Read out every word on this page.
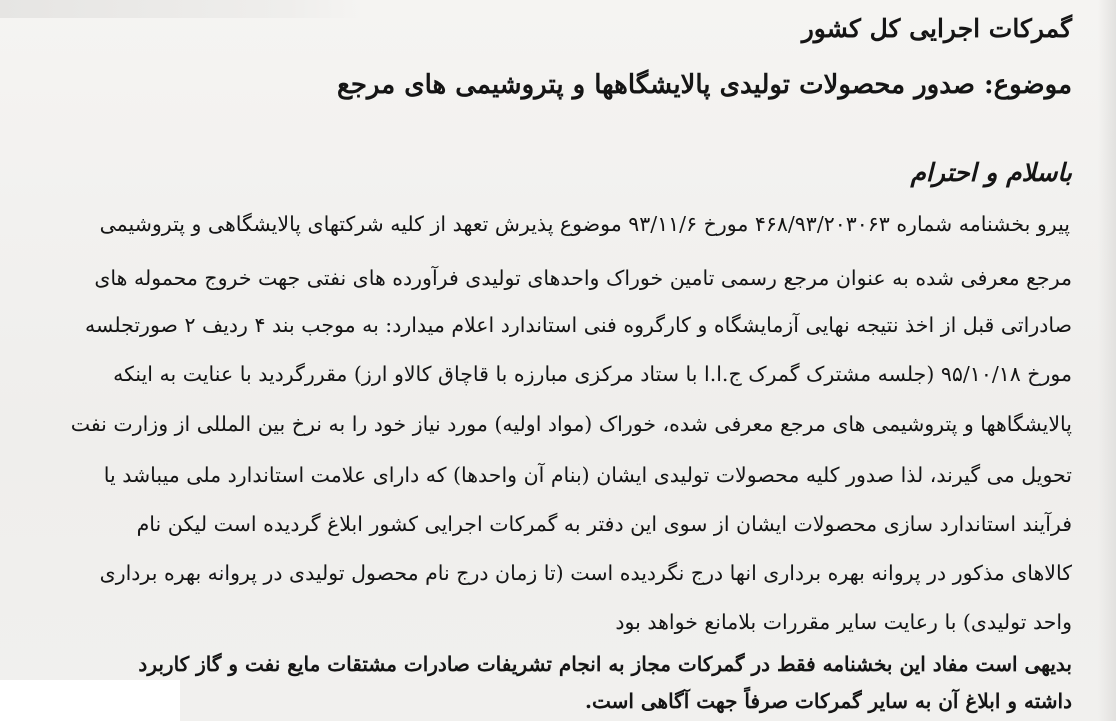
گمرکات اجرایی کل کشور
موضوع: صدور محصولات تولیدی پالایشگاهها و پتروشیمی های مرجع
باسلام و احترام
پیرو بخشنامه شماره ۴۶۸/۹۳/۲۰۳۰۶۳ مورخ ۹۳/۱۱/۶ موضوع پذیرش تعهد از کلیه شرکتهای پالایشگاهی و پتروشیمی
مرجع معرفی شده به عنوان مرجع رسمی تامین خوراک واحدهای تولیدی فرآورده های نفتی جهت خروج محموله های
صادراتی قبل از اخذ نتیجه نهایی آزمایشگاه و کارگروه فنی استاندارد اعلام میدارد: به موجب بند ۴ ردیف ۲ صورتجلسه
مورخ ۹۵/۱۰/۱۸ (جلسه مشترک گمرک ج.ا.ا با ستاد مرکزی مبارزه با قاچاق کالاو ارز) مقررگردید با عنایت به اینکه
پالایشگاهها و پتروشیمی های مرجع معرفی شده، خوراک (مواد اولیه) مورد نیاز خود را به نرخ بین المللی از وزارت نفت
تحویل می گیرند، لذا صدور کلیه محصولات تولیدی ایشان (بنام آن واحدها) که دارای علامت استاندارد ملی میباشد یا
فرآیند استاندارد سازی محصولات ایشان از سوی این دفتر به گمرکات اجرایی کشور ابلاغ گردیده است لیکن نام
کالاهای مذکور در پروانه بهره برداری انها درج نگردیده است (تا زمان درج نام محصول تولیدی در پروانه بهره برداری
واحد تولیدی) با رعایت سایر مقررات بلامانع خواهد بود
بدیهی است مفاد این بخشنامه فقط در گمرکات مجاز به انجام تشریفات صادرات مشتقات مایع نفت و گاز کاربرد
داشته و ابلاغ آن به سایر گمرکات صرفاً جهت آگاهی است.
